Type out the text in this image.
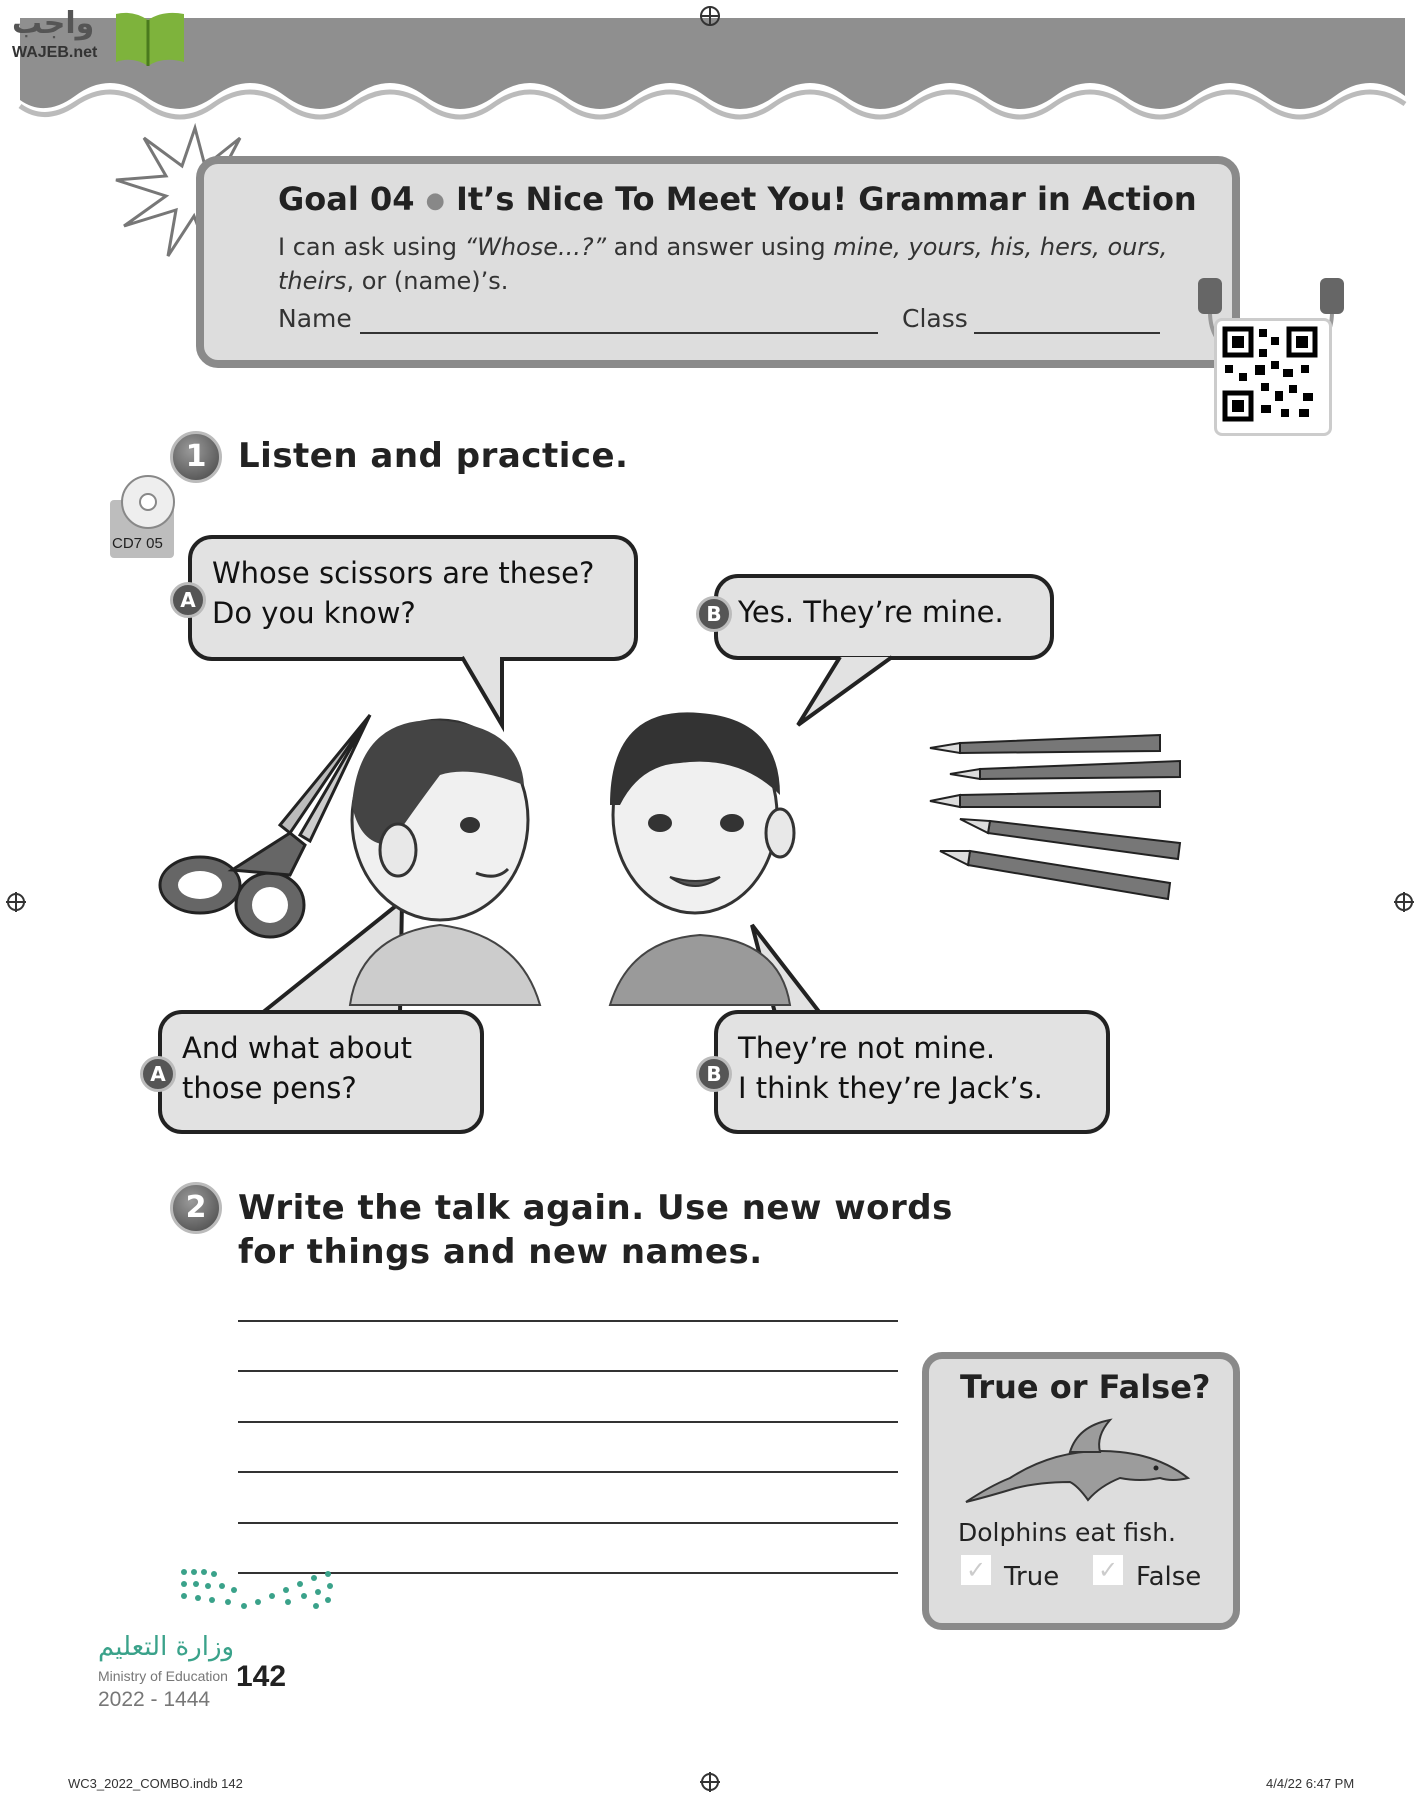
واجب
WAJEB.net
Goal 04 ● It’s Nice To Meet You! Grammar in Action
I can ask using “Whose...?” and answer using mine, yours, his, hers, ours,
theirs, or (name)’s.
Name	Class
1 Listen and practice.
CD7 05
Whose scissors are these?
Do you know?
A	Yes. They’re mine.
B
And what about
those pens?
A
They’re not mine.
I think they’re Jack’s.
B
2 Write the talk again. Use new words
for things and new names.
True or False?
Dolphins eat fish.
✓ True ✓ False
وزارة التعليم
Ministry of Education 142
2022 - 1444
WC3_2022_COMBO.indb 142	4/4/22 6:47 PM
